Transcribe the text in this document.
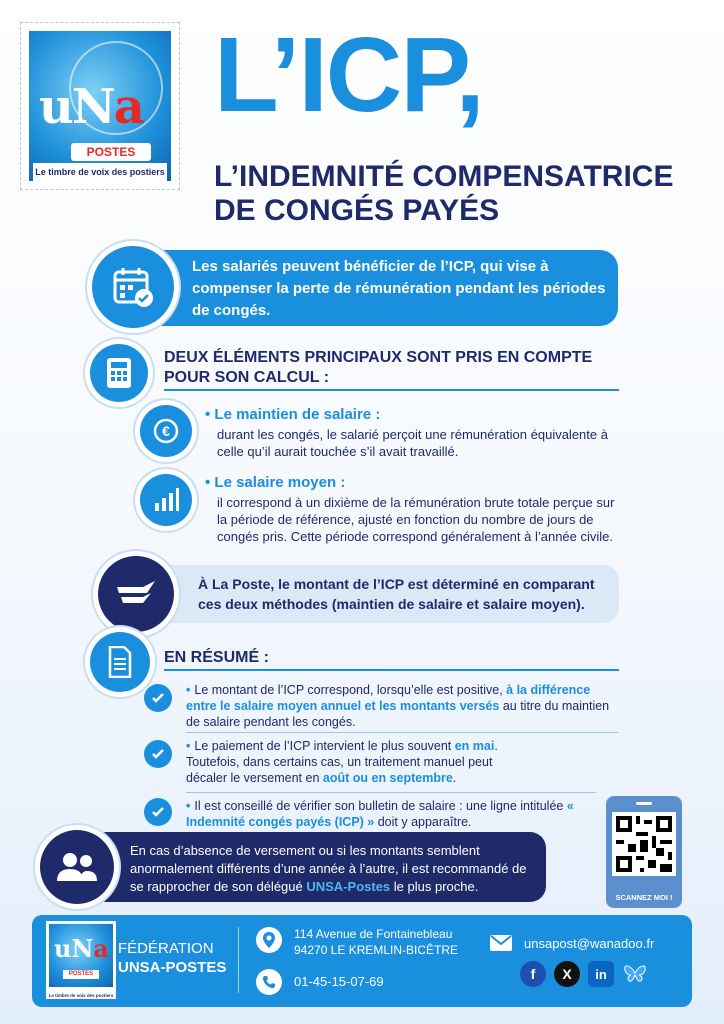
uNa
POSTES
Le timbre de voix des postiers
L’ICP,
L’INDEMNITÉ COMPENSATRICE DE CONGÉS PAYÉS
Les salariés peuvent bénéficier de l’ICP, qui vise à compenser la perte de rémunération pendant les périodes de congés.
DEUX ÉLÉMENTS PRINCIPAUX SONT PRIS EN COMPTE
POUR SON CALCUL :
€
• Le maintien de salaire :
durant les congés, le salarié perçoit une rémunération équivalente à celle qu’il aurait touchée s’il avait travaillé.
• Le salaire moyen :
il correspond à un dixième de la rémunération brute totale perçue sur la période de référence, ajusté en fonction du nombre de jours de congés pris. Cette période correspond généralement à l’année civile.
À La Poste, le montant de l’ICP est déterminé en comparant ces deux méthodes (maintien de salaire et salaire moyen).
EN RÉSUMÉ :
• Le montant de l’ICP correspond, lorsqu’elle est positive, à la différence entre le salaire moyen annuel et les montants versés au titre du maintien de salaire pendant les congés.
• Le paiement de l’ICP intervient le plus souvent en mai. Toutefois, dans certains cas, un traitement manuel peut décaler le versement en août ou en septembre.
• Il est conseillé de vérifier son bulletin de salaire : une ligne intitulée « Indemnité congés payés (ICP) » doit y apparaître.
En cas d’absence de versement ou si les montants semblent anormalement différents d’une année à l’autre, il est recommandé de se rapprocher de son délégué UNSA-Postes le plus proche.
SCANNEZ MOI !
uNa
POSTES
Le timbre de voix des postiers
FÉDÉRATION
UNSA-POSTES
114 Avenue de Fontainebleau
94270 LE KREMLIN-BICÊTRE
01-45-15-07-69
unsapost@wanadoo.fr
f	X	in
